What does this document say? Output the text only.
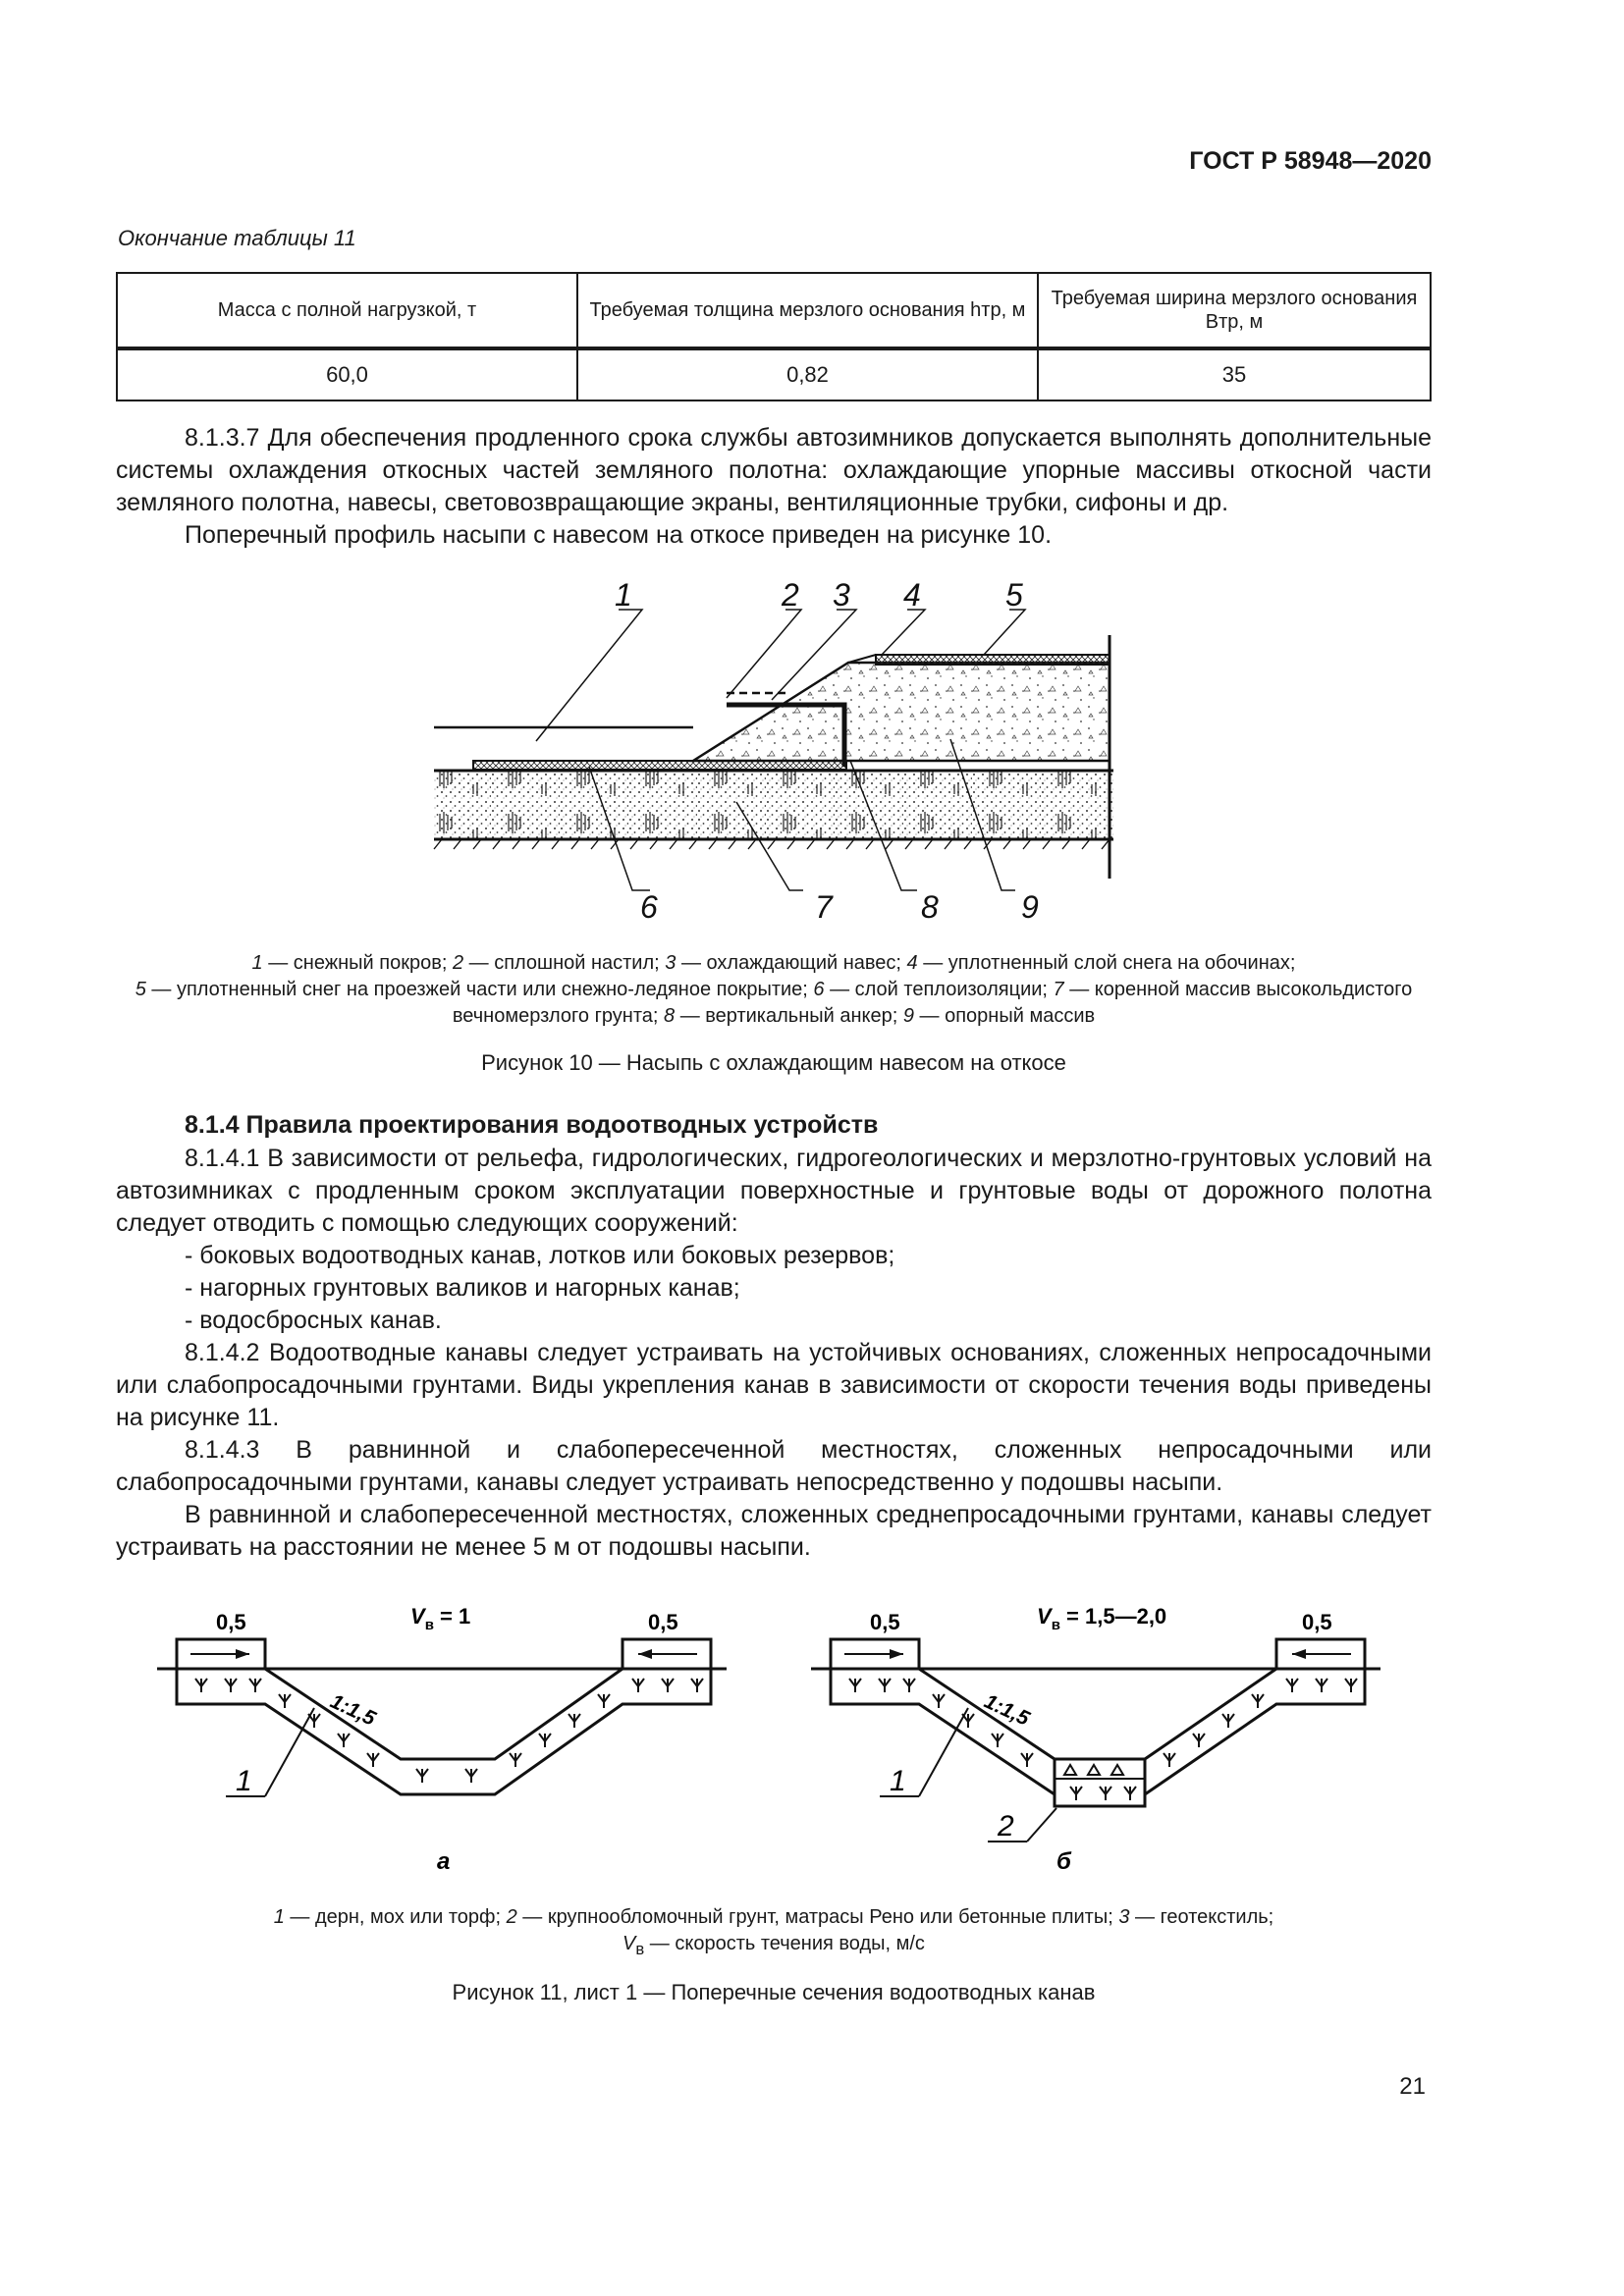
ГОСТ Р 58948—2020
Окончание таблицы 11
Масса с полной нагрузкой, т	Требуемая толщина мерзлого основания hтр, м	Требуемая ширина мерзлого основания Bтр, м
60,0	0,82	35
8.1.3.7 Для обеспечения продленного срока службы автозимников допускается выполнять дополнительные системы охлаждения откосных частей земляного полотна: охлаждающие упорные массивы откосной части земляного полотна, навесы, световозвращающие экраны, вентиляционные трубки, сифоны и др.
Поперечный профиль насыпи с навесом на откосе приведен на рисунке 10.
1	2 3 4	5
6	7	8	9
1 — снежный покров; 2 — сплошной настил; 3 — охлаждающий навес; 4 — уплотненный слой снега на обочинах;
5 — уплотненный снег на проезжей части или снежно-ледяное покрытие; 6 — слой теплоизоляции; 7 — коренной массив высокольдистого вечномерзлого грунта; 8 — вертикальный анкер; 9 — опорный массив
Рисунок 10 — Насыпь с охлаждающим навесом на откосе
8.1.4 Правила проектирования водоотводных устройств
8.1.4.1 В зависимости от рельефа, гидрологических, гидрогеологических и мерзлотно-грунтовых условий на автозимниках с продленным сроком эксплуатации поверхностные и грунтовые воды от дорожного полотна следует отводить с помощью следующих сооружений:
- боковых водоотводных канав, лотков или боковых резервов;
- нагорных грунтовых валиков и нагорных канав;
- водосбросных канав.
8.1.4.2 Водоотводные канавы следует устраивать на устойчивых основаниях, сложенных непросадочными или слабопросадочными грунтами. Виды укрепления канав в зависимости от скорости течения воды приведены на рисунке 11.
8.1.4.3 В равнинной и слабопересеченной местностях, сложенных непросадочными или слабопросадочными грунтами, канавы следует устраивать непосредственно у подошвы насыпи.
В равнинной и слабопересеченной местностях, сложенных среднепросадочными грунтами, канавы следует устраивать на расстоянии не менее 5 м от подошвы насыпи.
0,5	0,5
$V_в = 1$
1:1,5
1
а
0,5	0,5
$V_в$ = 1,5—2,0
1:1,5
1
2
б
1 — дерн, мох или торф; 2 — крупнообломочный грунт, матрасы Рено или бетонные плиты; 3 — геотекстиль;
$V_в$ — скорость течения воды, м/с
Рисунок 11, лист 1 — Поперечные сечения водоотводных канав
21
